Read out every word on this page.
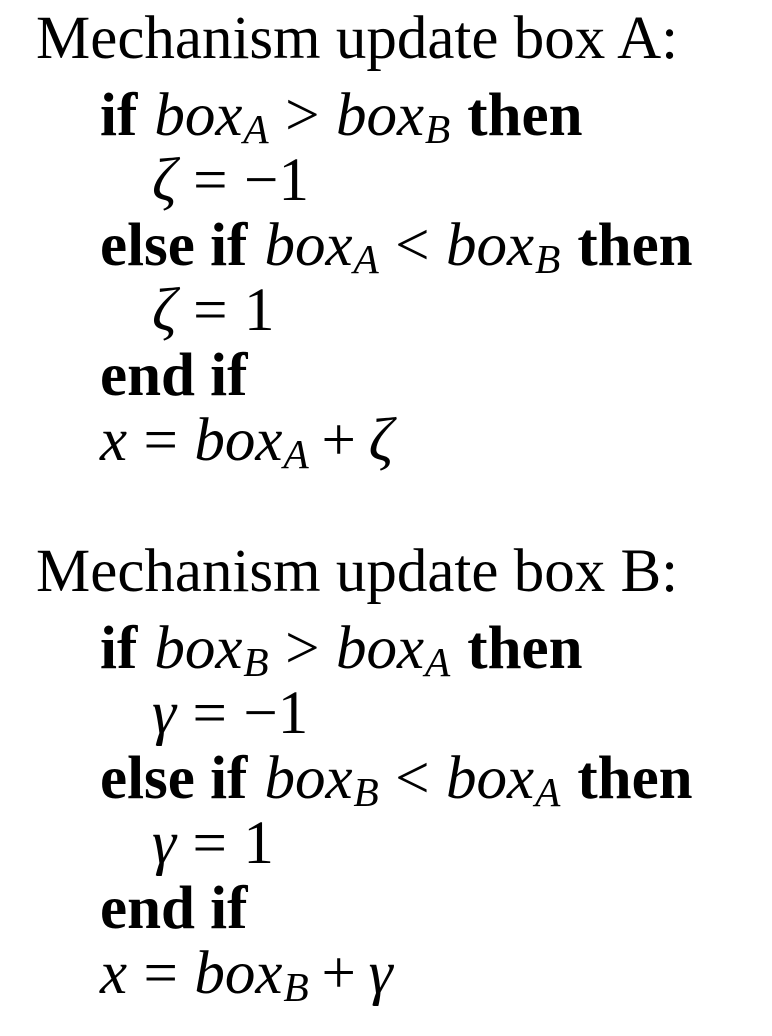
Mechanism update box A:
if boxA > boxB then
ζ = −1
else if boxA < boxB then
ζ = 1
end if
x = boxA + ζ
Mechanism update box B:
if boxB > boxA then
γ = −1
else if boxB < boxA then
γ = 1
end if
x = boxB + γ
